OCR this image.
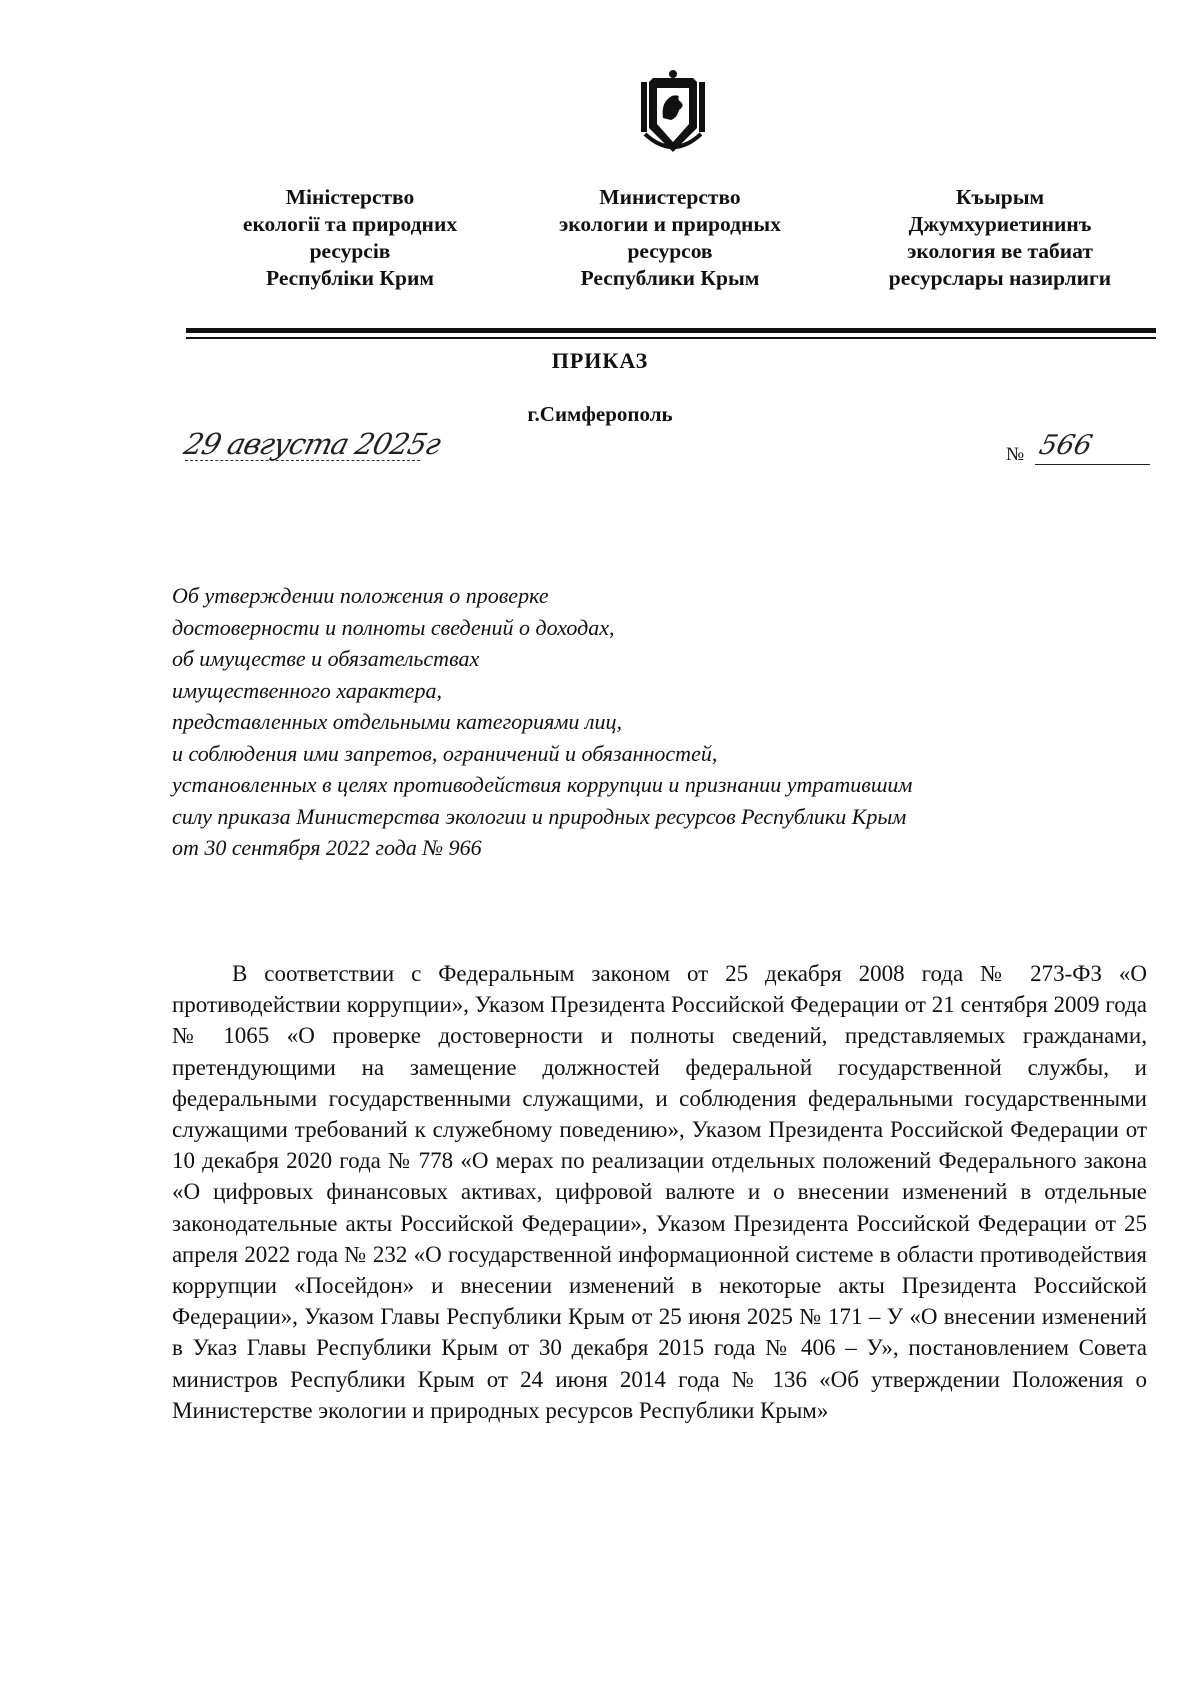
Міністерство
екології та природних
ресурсів
Республіки Крим
Министерство
экологии и природных
ресурсов
Республики Крым
Къырым
Джумхуриетининъ
экология ве табиат
ресурслары назирлиги
ПРИКАЗ
г.Симферополь
29 августа 2025г	№ 566
Об утверждении положения о проверке
достоверности и полноты сведений о доходах,
об имуществе и обязательствах
имущественного характера,
представленных отдельными категориями лиц,
и соблюдения ими запретов, ограничений и обязанностей,
установленных в целях противодействия коррупции и признании утратившим
силу приказа Министерства экологии и природных ресурсов Республики Крым
от 30 сентября 2022 года № 966

В соответствии с Федеральным законом от 25 декабря 2008 года № 273-ФЗ «О противодействии коррупции», Указом Президента Российской Федерации от 21 сентября 2009 года № 1065 «О проверке достоверности и полноты сведений, представляемых гражданами, претендующими на замещение должностей федеральной государственной службы, и федеральными государственными служащими, и соблюдения федеральными государственными служащими требований к служебному поведению», Указом Президента Российской Федерации от 10 декабря 2020 года № 778 «О мерах по реализации отдельных положений Федерального закона «О цифровых финансовых активах, цифровой валюте и о внесении изменений в отдельные законодательные акты Российской Федерации», Указом Президента Российской Федерации от 25 апреля 2022 года № 232 «О государственной информационной системе в области противодействия коррупции «Посейдон» и внесении изменений в некоторые акты Президента Российской Федерации», Указом Главы Республики Крым от 25 июня 2025 № 171 – У «О внесении изменений в Указ Главы Республики Крым от 30 декабря 2015 года № 406 – У», постановлением Совета министров Республики Крым от 24 июня 2014 года № 136 «Об утверждении Положения о Министерстве экологии и природных ресурсов Республики Крым»
